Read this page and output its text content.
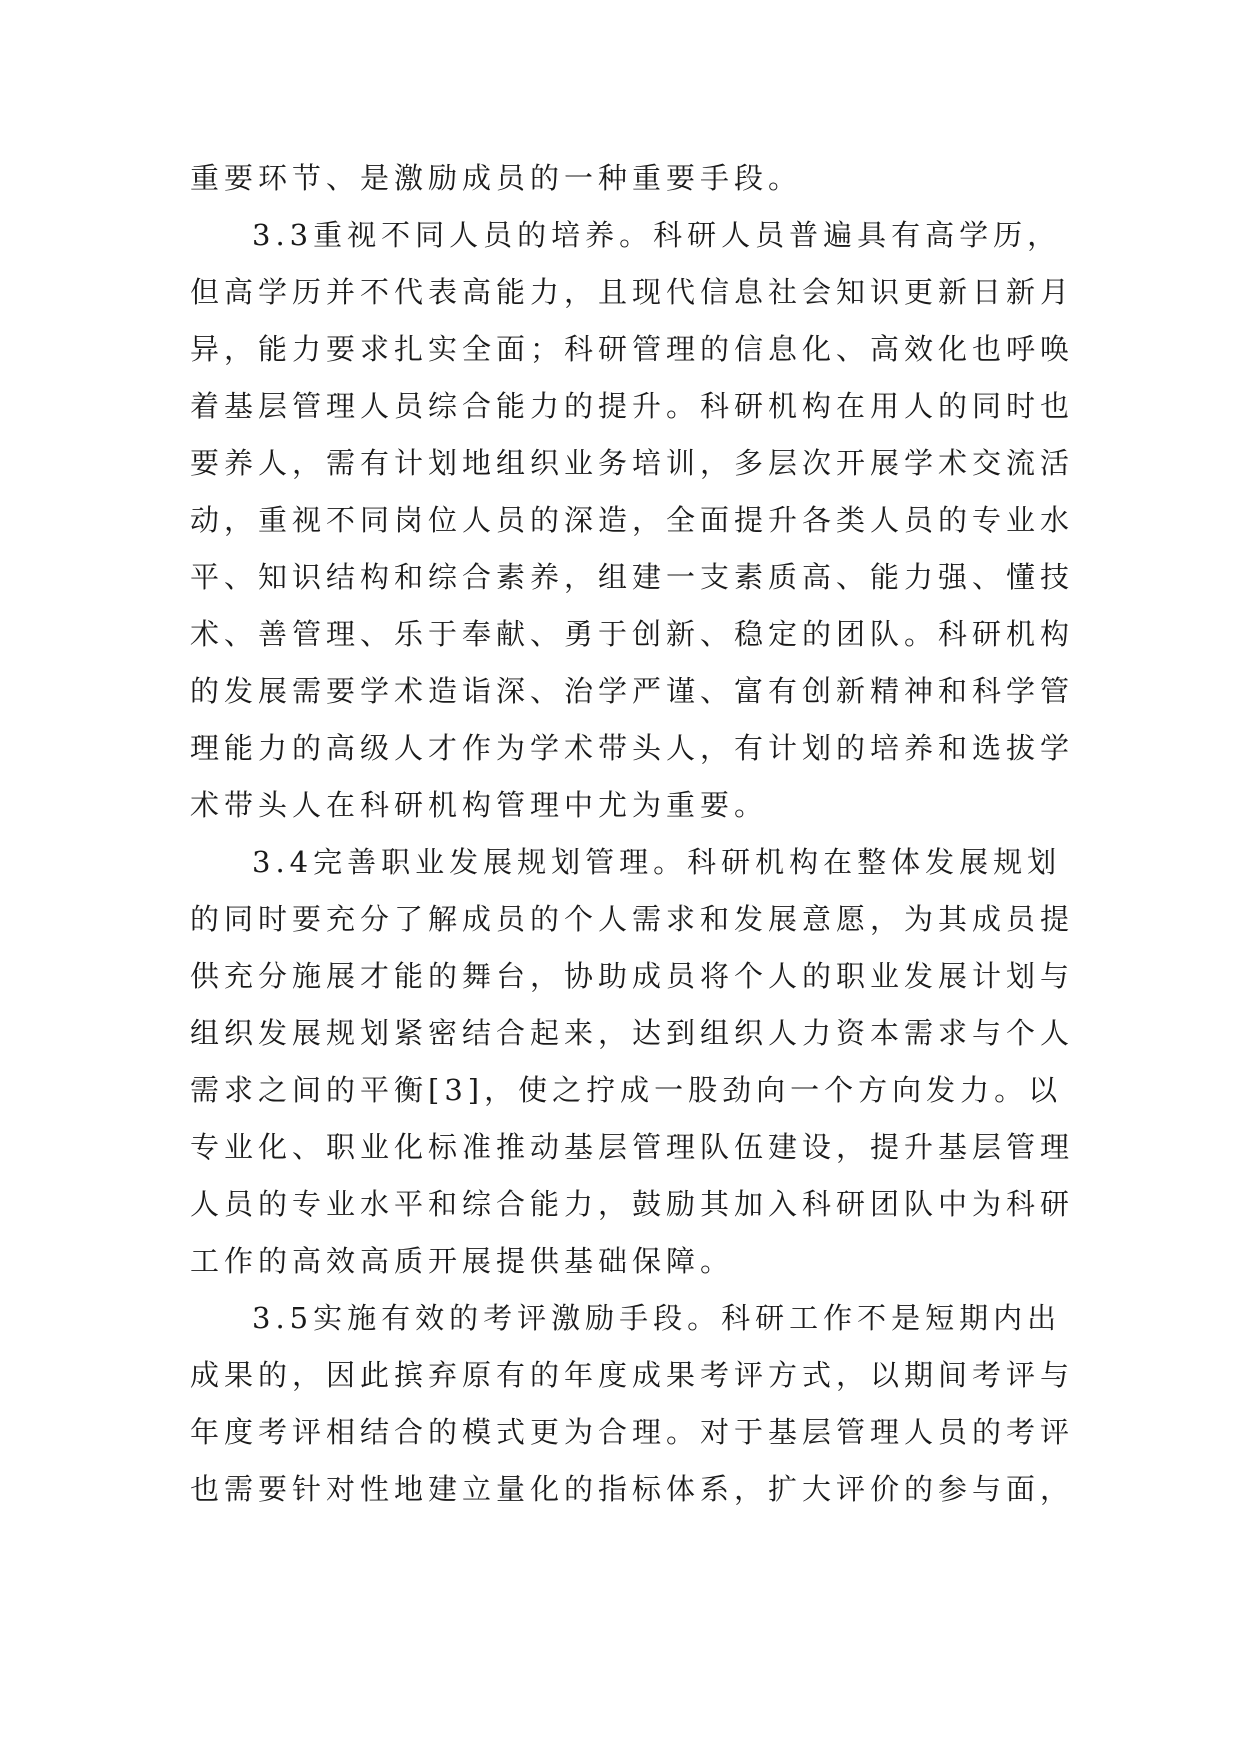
重要环节、是激励成员的一种重要手段。
3.3重视不同人员的培养。科研人员普遍具有高学历，
但高学历并不代表高能力，且现代信息社会知识更新日新月
异，能力要求扎实全面；科研管理的信息化、高效化也呼唤
着基层管理人员综合能力的提升。科研机构在用人的同时也
要养人，需有计划地组织业务培训，多层次开展学术交流活
动，重视不同岗位人员的深造，全面提升各类人员的专业水
平、知识结构和综合素养，组建一支素质高、能力强、懂技
术、善管理、乐于奉献、勇于创新、稳定的团队。科研机构
的发展需要学术造诣深、治学严谨、富有创新精神和科学管
理能力的高级人才作为学术带头人，有计划的培养和选拔学
术带头人在科研机构管理中尤为重要。
3.4完善职业发展规划管理。科研机构在整体发展规划
的同时要充分了解成员的个人需求和发展意愿，为其成员提
供充分施展才能的舞台，协助成员将个人的职业发展计划与
组织发展规划紧密结合起来，达到组织人力资本需求与个人
需求之间的平衡[3]，使之拧成一股劲向一个方向发力。以
专业化、职业化标准推动基层管理队伍建设，提升基层管理
人员的专业水平和综合能力，鼓励其加入科研团队中为科研
工作的高效高质开展提供基础保障。
3.5实施有效的考评激励手段。科研工作不是短期内出
成果的，因此摈弃原有的年度成果考评方式，以期间考评与
年度考评相结合的模式更为合理。对于基层管理人员的考评
也需要针对性地建立量化的指标体系，扩大评价的参与面，
